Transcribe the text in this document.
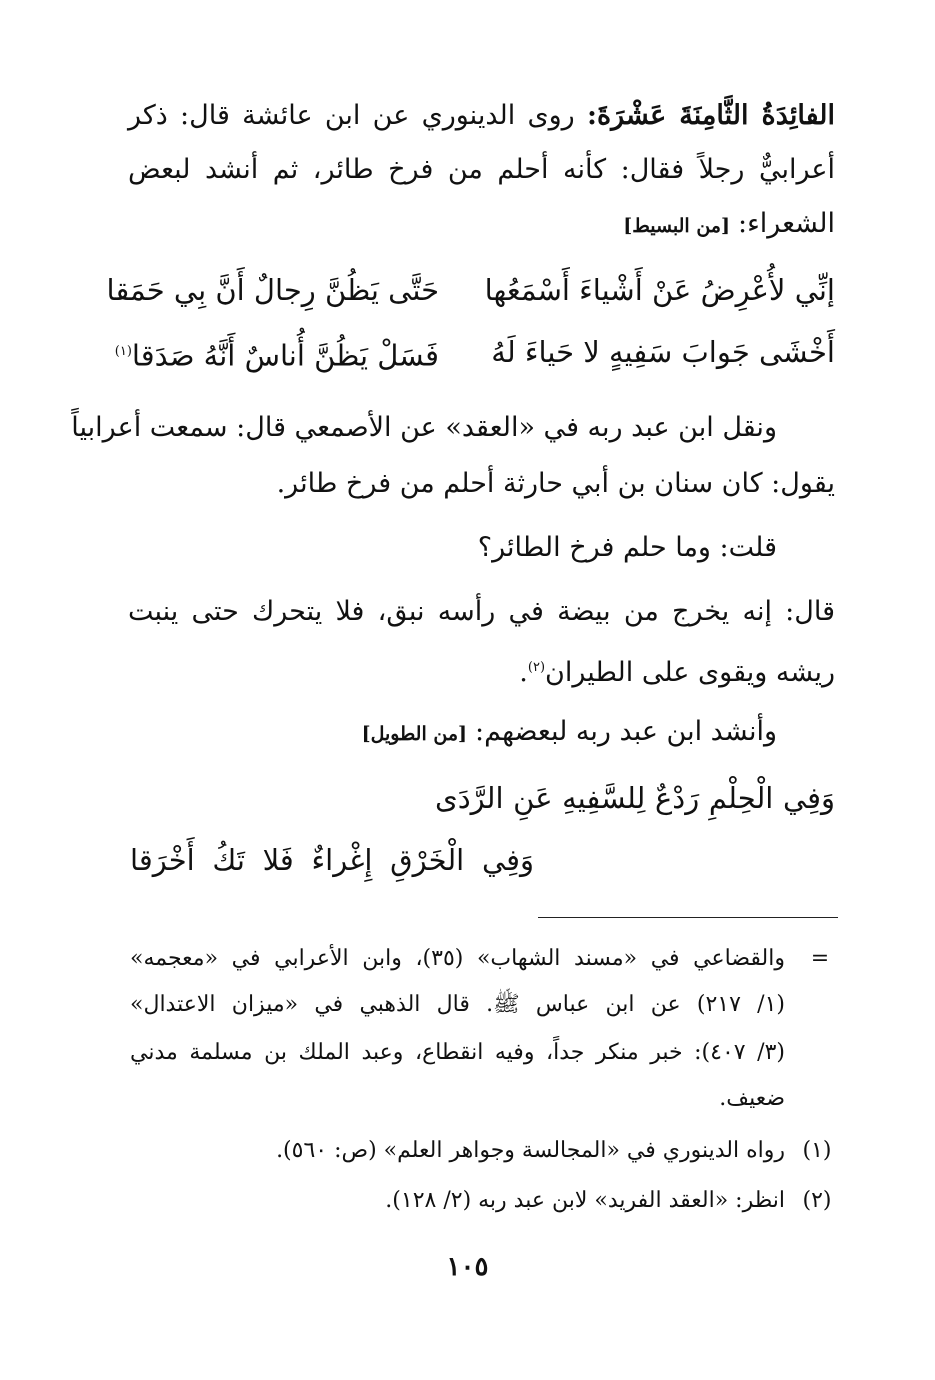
الفائِدَةُ الثَّامِنَةَ عَشْرَةَ: روى الدينوري عن ابن عائشة قال: ذكر
أعرابيٌّ رجلاً فقال: كأنه أحلم من فرخ طائر، ثم أنشد لبعض
الشعراء:[من البسيط]
إنِّي لأُعْرِضُ عَنْ أَشْياءَ أَسْمَعُها
حَتَّى يَظُنَّ رِجالٌ أَنَّ بِي حَمَقا
أَخْشَى جَوابَ سَفِيهٍ لا حَياءَ لَهُ
فَسَلْ يَظُنَّ أُناسٌ أَنَّهُ صَدَقا$^{(١)}$
ونقل ابن عبد ربه في «العقد» عن الأصمعي قال: سمعت أعرابياً
يقول: كان سنان بن أبي حارثة أحلم من فرخ طائر.
قلت: وما حلم فرخ الطائر؟
قال: إنه يخرج من بيضة في رأسه نبق، فلا يتحرك حتى ينبت
ريشه ويقوى على الطيران$^{(٢)}$.
وأنشد ابن عبد ربه لبعضهم:[من الطويل]
وَفِي الْحِلْمِ رَدْعٌ لِلسَّفِيهِ عَنِ الرَّدَى
وَفِي الْخَرْقِ إِغْراءٌ فَلا تَكُ أَخْرَقا
=
والقضاعي في «مسند الشهاب» (٣٥)، وابن الأعرابي في «معجمه»
(١/ ٢١٧) عن ابن عباس ﷺ. قال الذهبي في «ميزان الاعتدال»
(٣/ ٤٠٧): خبر منكر جداً، وفيه انقطاع، وعبد الملك بن مسلمة مدني
ضعيف.
(١)
رواه الدينوري في «المجالسة وجواهر العلم» (ص: ٥٦٠).
(٢)
انظر: «العقد الفريد» لابن عبد ربه (٢/ ١٢٨).
١٠٥
